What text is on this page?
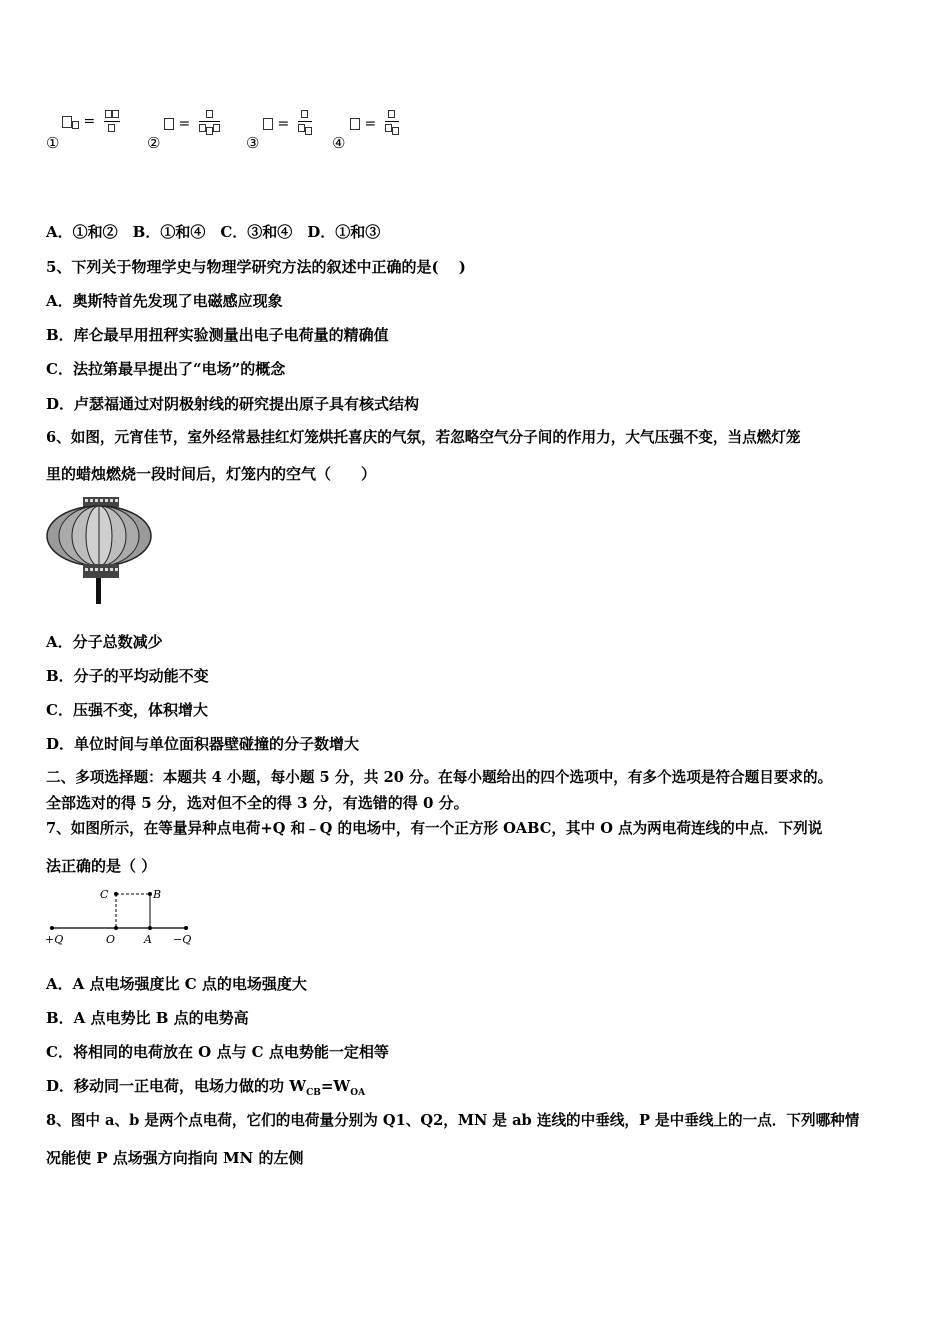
=
①
=
②
=
③
=
④
A．①和②　B．①和④　C．③和④　D．①和③
5、下列关于物理学史与物理学研究方法的叙述中正确的是(　 )
A．奥斯特首先发现了电磁感应现象
B．库仑最早用扭秤实验测量出电子电荷量的精确值
C．法拉第最早提出了“电场”的概念
D．卢瑟福通过对阴极射线的研究提出原子具有核式结构
6、如图，元宵佳节，室外经常悬挂红灯笼烘托喜庆的气氛，若忽略空气分子间的作用力，大气压强不变，当点燃灯笼
里的蜡烛燃烧一段时间后，灯笼内的空气（　　）
A．分子总数减少
B．分子的平均动能不变
C．压强不变，体积增大
D．单位时间与单位面积器壁碰撞的分子数增大
二、多项选择题：本题共 4 小题，每小题 5 分，共 20 分。在每小题给出的四个选项中，有多个选项是符合题目要求的。
全部选对的得 5 分，选对但不全的得 3 分，有选错的得 0 分。
7、如图所示，在等量异种点电荷+Q 和﹣Q 的电场中，有一个正方形 OABC，其中 O 点为两电荷连线的中点．下列说
法正确的是（ ）
C	B
+Q	O	A −Q
A．A 点电场强度比 C 点的电场强度大
B．A 点电势比 B 点的电势高
C．将相同的电荷放在 O 点与 C 点电势能一定相等
D．移动同一正电荷，电场力做的功 $W_{CB}=W_{OA}$
8、图中 a、b 是两个点电荷，它们的电荷量分别为 Q1、Q2，MN 是 ab 连线的中垂线，P 是中垂线上的一点．下列哪种情
况能使 P 点场强方向指向 MN 的左侧
